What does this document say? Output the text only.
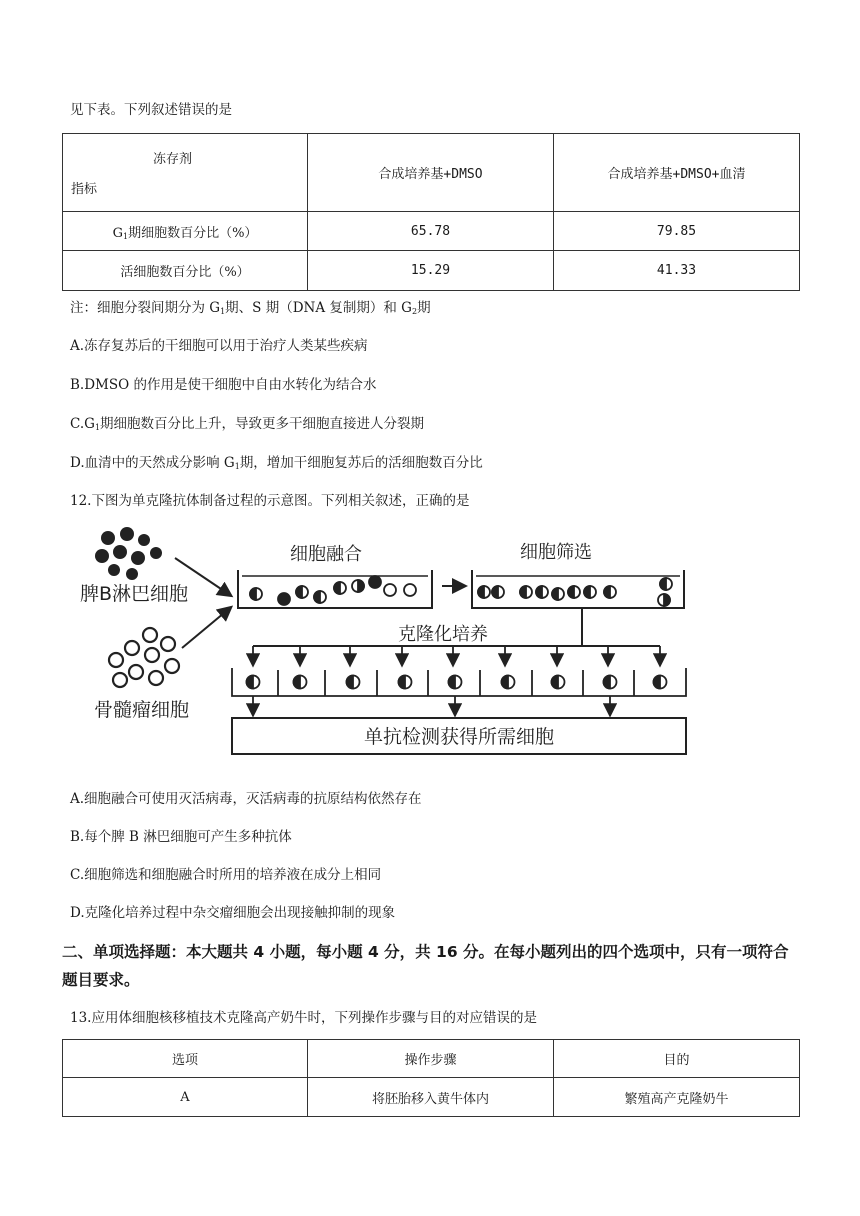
见下表。下列叙述错误的是
冻存剂
指标	合成培养基+DMSO	合成培养基+DMSO+血清
$G_1$期细胞数百分比（%）	65.78	79.85
活细胞数百分比（%）	15.29	41.33
注：细胞分裂间期分为 $G_1$期、S 期（DNA 复制期）和 $G_2$期
A.冻存复苏后的干细胞可以用于治疗人类某些疾病
B.DMSO 的作用是使干细胞中自由水转化为结合水
$C.G_1$期细胞数百分比上升，导致更多干细胞直接进人分裂期
D.血清中的天然成分影响 $G_1$期，增加干细胞复苏后的活细胞数百分比
12.下图为单克隆抗体制备过程的示意图。下列相关叙述，正确的是
脾B淋巴细胞
骨髓瘤细胞
细胞融合	细胞筛选
克隆化培养
单抗检测获得所需细胞
A.细胞融合可使用灭活病毒，灭活病毒的抗原结构依然存在
B.每个脾 B 淋巴细胞可产生多种抗体
C.细胞筛选和细胞融合时所用的培养液在成分上相同
D.克隆化培养过程中杂交瘤细胞会出现接触抑制的现象
二、单项选择题：本大题共 4 小题，每小题 4 分，共 16 分。在每小题列出的四个选项中，只有一项符合题目要求。
13.应用体细胞核移植技术克隆高产奶牛时，下列操作步骤与目的对应错误的是
选项	操作步骤	目的
A	将胚胎移入黄牛体内	繁殖高产克隆奶牛
